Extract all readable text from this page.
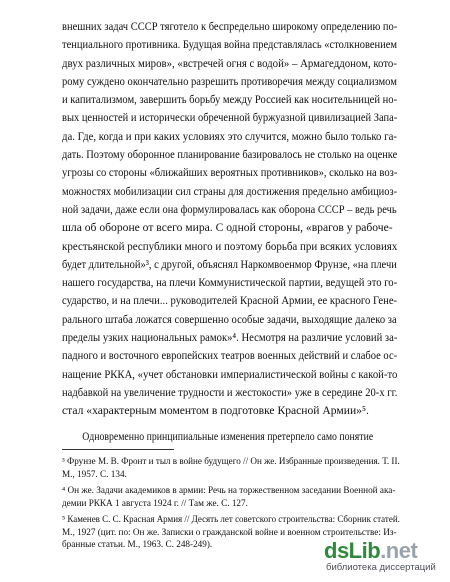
внешних задач СССР тяготело к беспредельно широкому определению по-
тенциального противника. Будущая война представлялась «столкновением
двух различных миров», «встречей огня с водой» – Армагеддоном, кото-
рому суждено окончательно разрешить противоречия между социализмом
и капитализмом, завершить борьбу между Россией как носительницей но-
вых ценностей и исторически обреченной буржуазной цивилизацией Запа-
да. Где, когда и при каких условиях это случится, можно было только га-
дать. Поэтому оборонное планирование базировалось не столько на оценке
угрозы со стороны «ближайших вероятных противников», сколько на воз-
можностях мобилизации сил страны для достижения предельно амбициоз-
ной задачи, даже если она формулировалась как оборона СССР – ведь речь
шла об обороне от всего мира. С одной стороны, «врагов у рабоче-
крестьянской республики много и поэтому борьба при всяких условиях
будет длительной»³, с другой, объяснял Наркомвоенмор Фрунзе, «на плечи
нашего государства, на плечи Коммунистической партии, ведущей это го-
сударство, и на плечи... руководителей Красной Армии, ее красного Гене-
рального штаба ложатся совершенно особые задачи, выходящие далеко за
пределы узких национальных рамок»⁴. Несмотря на различие условий за-
падного и восточного европейских театров военных действий и слабое ос-
нащение РККА, «учет обстановки империалистической войны с какой-то
надбавкой на увеличение трудности и жестокости» уже в середине 20-х гг.
стал «характерным моментом в подготовке Красной Армии»⁵.
Одновременно принципиальные изменения претерпело само понятие
³ Фрунзе М. В. Фронт и тыл в войне будущего // Он же. Избранные произведения. Т. II.
М., 1957. С. 134.
⁴ Он же. Задачи академиков в армии: Речь на торжественном заседании Военной ака-
демии РККА 1 августа 1924 г. // Там же. С. 127.
⁵ Каменев С. С. Красная Армия // Десять лет советского строительства: Сборник статей.
М., 1927 (цит. по: Он же. Записки о гражданской войне и военном строительстве: Из-
бранные статьи. М., 1963. С. 248-249).	dsLib.net
библиотека диссертаций
